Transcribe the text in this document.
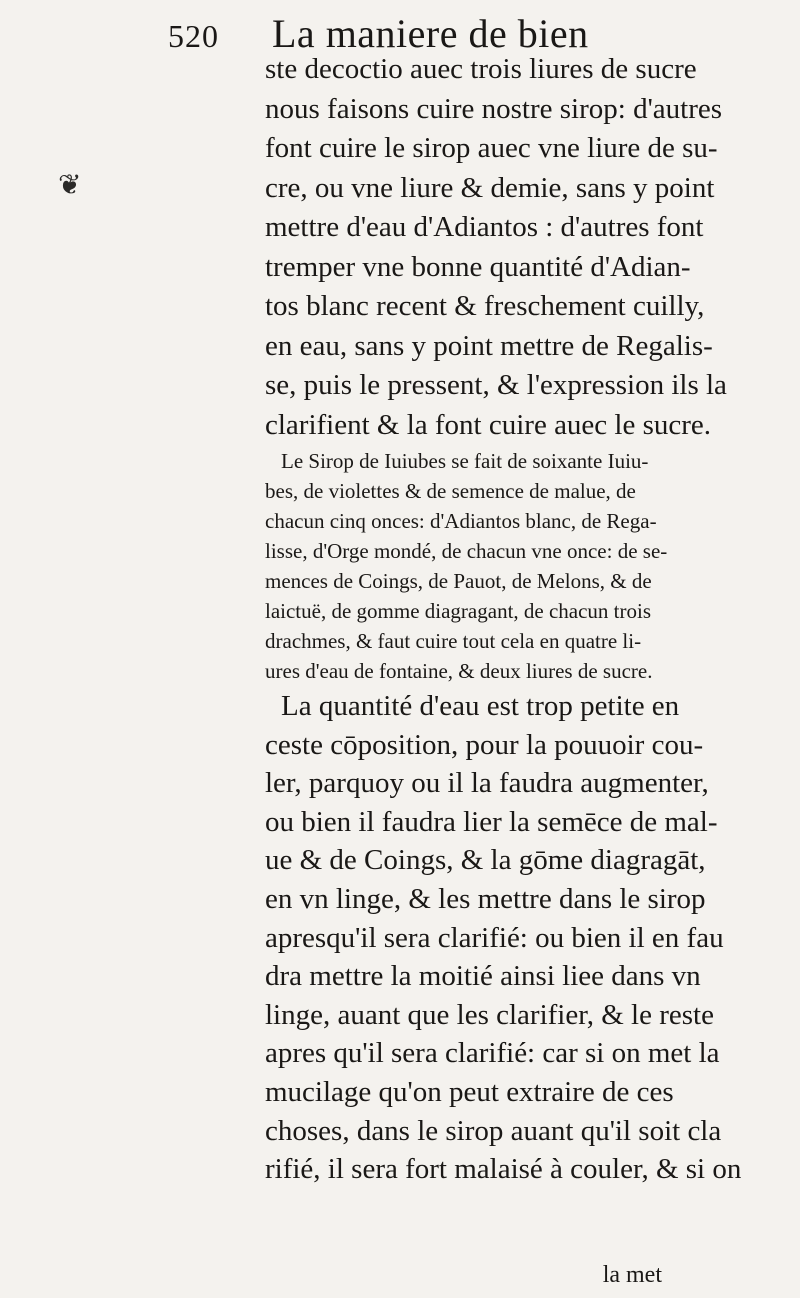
520 La maniere de bien
❦

ste decoctio auec trois liures de sucre

nous faisons cuire nostre sirop: d'autres

font cuire le sirop auec vne liure de su-

cre, ou vne liure & demie, sans y point

mettre d'eau d'Adiantos : d'autres font

tremper vne bonne quantité d'Adian-

tos blanc recent & freschement cuilly,

en eau, sans y point mettre de Regalis-

se, puis le pressent, & l'expression ils la

clarifient & la font cuire auec le sucre.

Le Sirop de Iuiubes se fait de soixante Iuiu-

bes, de violettes & de semence de malue, de

chacun cinq onces: d'Adiantos blanc, de Rega-

lisse, d'Orge mondé, de chacun vne once: de se-

mences de Coings, de Pauot, de Melons, & de

laictuë, de gomme diagragant, de chacun trois

drachmes, & faut cuire tout cela en quatre li-

ures d'eau de fontaine, & deux liures de sucre.

La quantité d'eau est trop petite en

ceste cōposition, pour la pouuoir cou-

ler, parquoy ou il la faudra augmenter,

ou bien il faudra lier la semēce de mal-

ue & de Coings, & la gōme diagragāt,

en vn linge, & les mettre dans le sirop

apresqu'il sera clarifié: ou bien il en fau

dra mettre la moitié ainsi liee dans vn

linge, auant que les clarifier, & le reste

apres qu'il sera clarifié: car si on met la

mucilage qu'on peut extraire de ces

choses, dans le sirop auant qu'il soit cla

rifié, il sera fort malaisé à couler, & si on

la met
